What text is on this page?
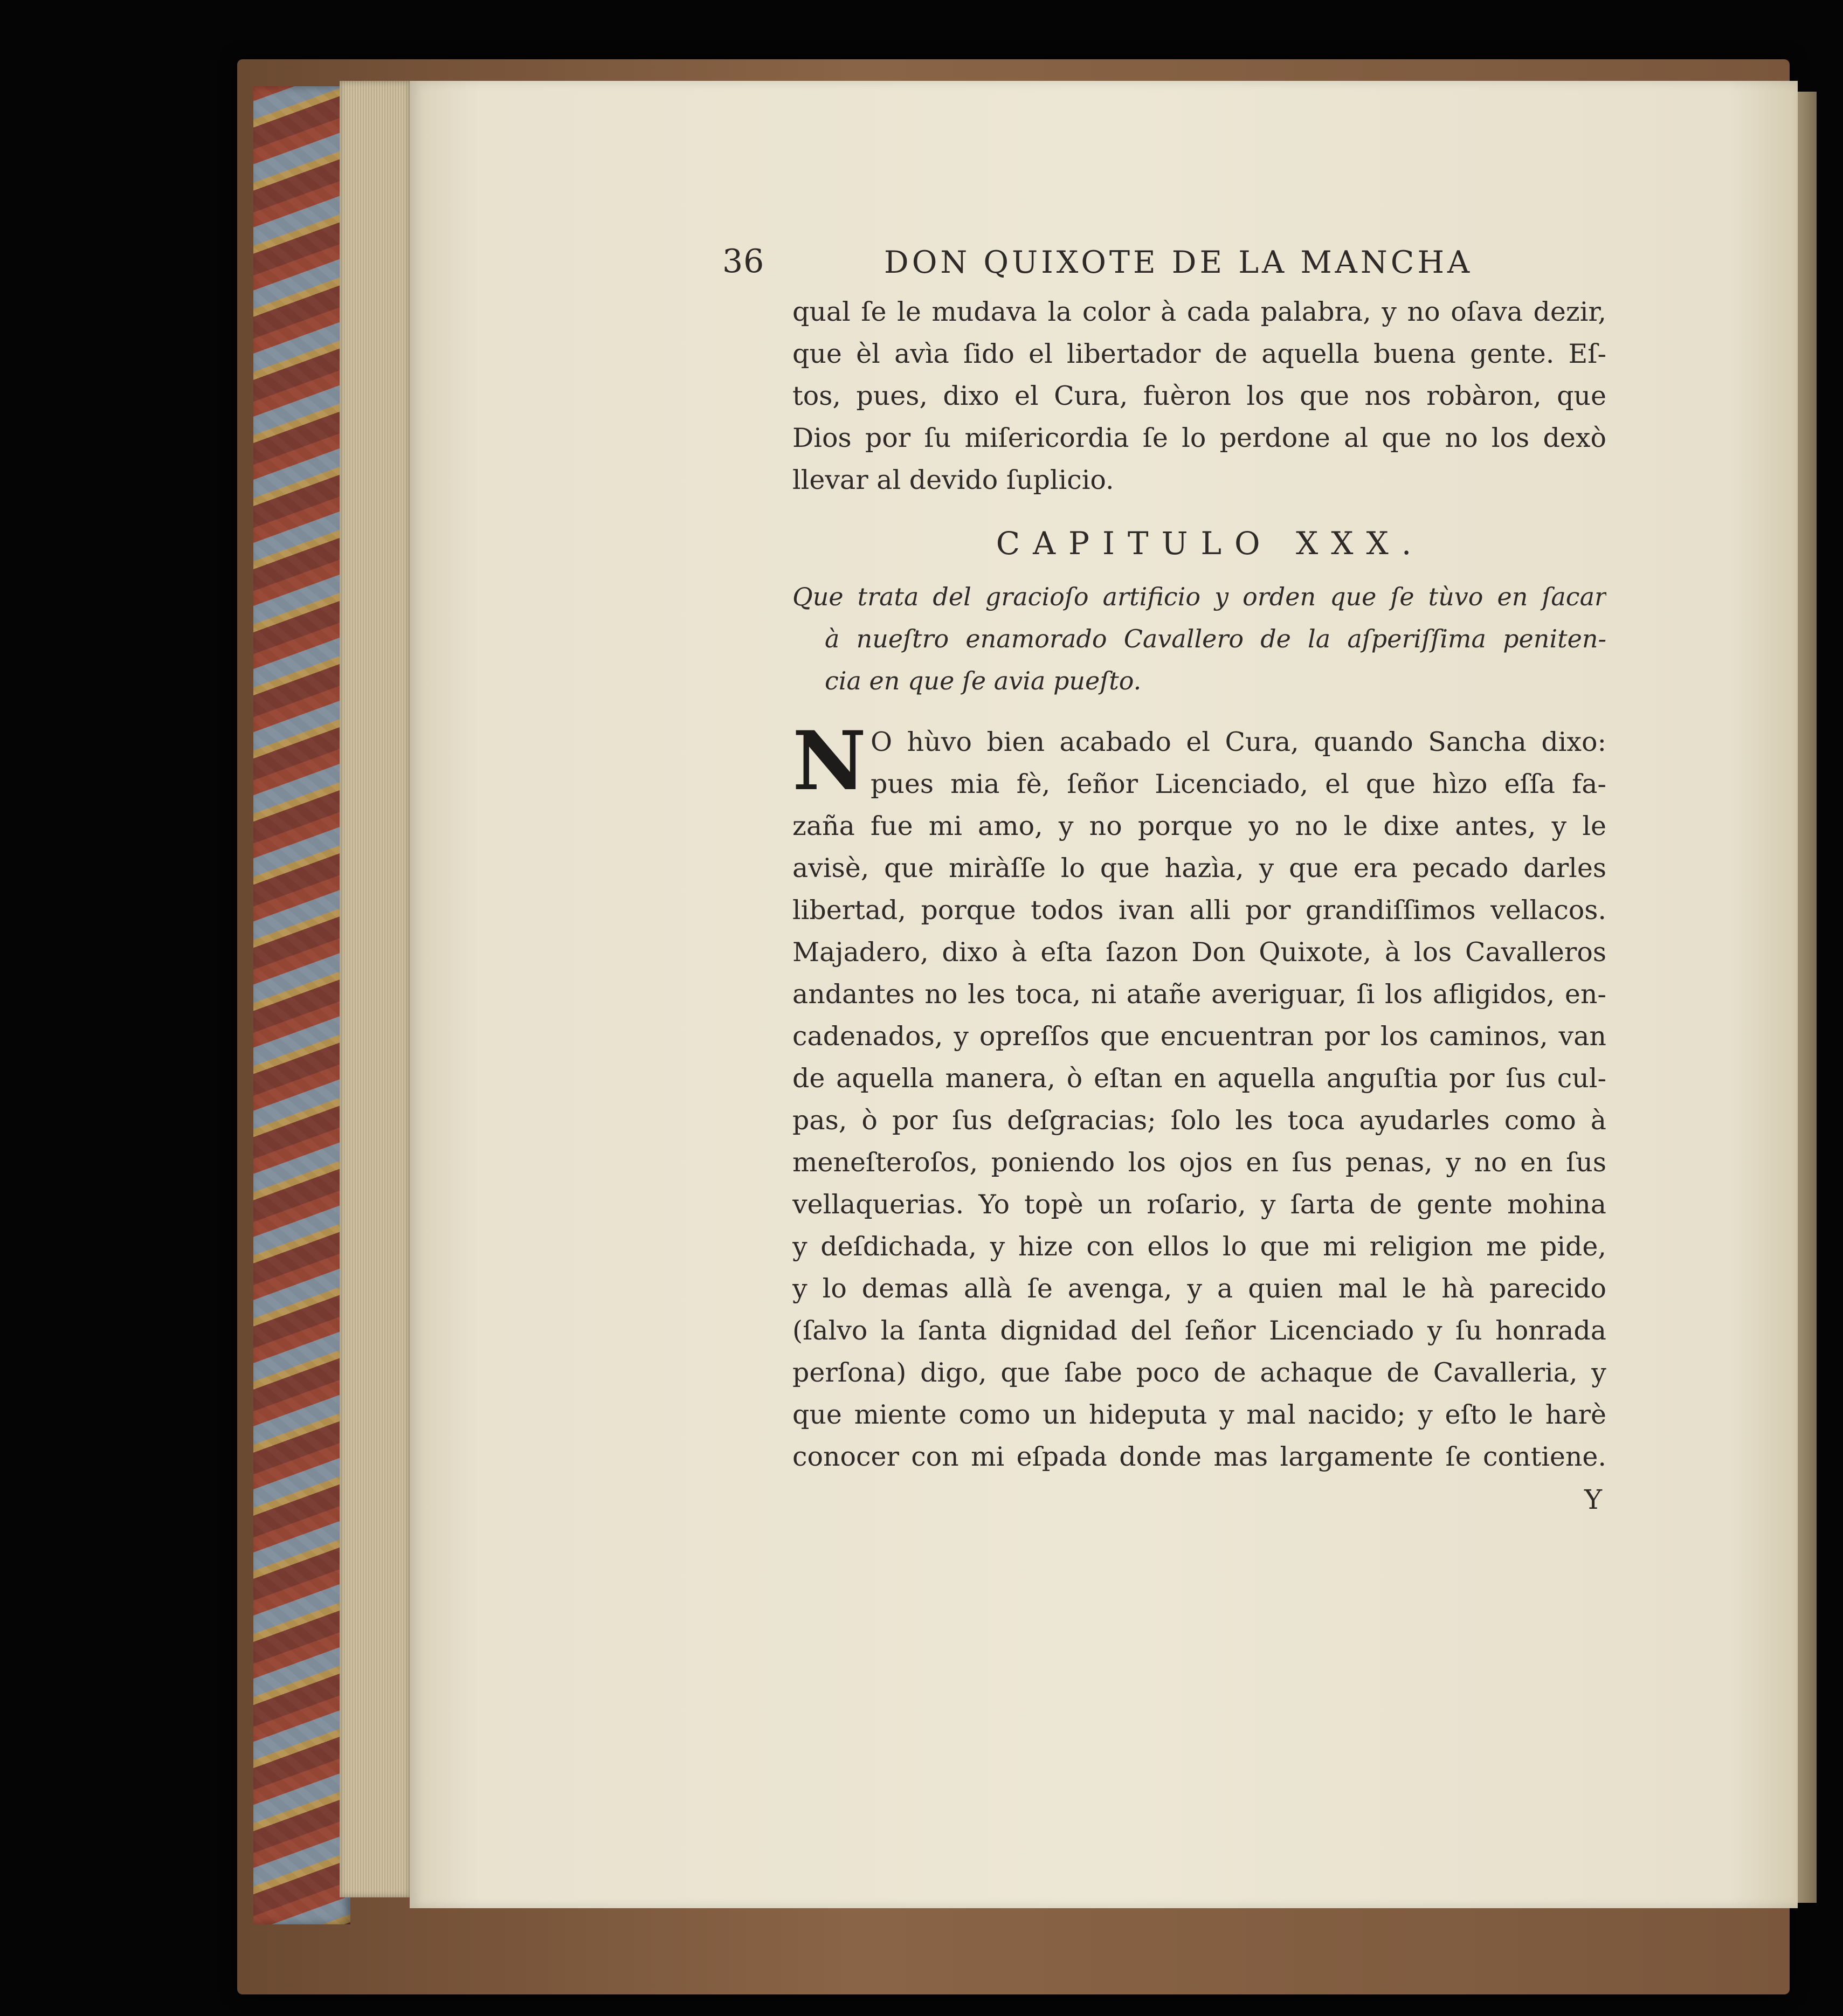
36	DON QUIXOTE DE LA MANCHA
qual ſe le mudava la color à cada palabra, y no oſava dezir,
que èl avìa ſido el libertador de aquella buena gente. Eſ-
tos, pues, dixo el Cura, fuèron los que nos robàron, que
Dios por ſu miſericordia ſe lo perdone al que no los dexò
llevar al devido ſuplicio.
CAPITULO XXX.
Que trata del gracioſo artificio y orden que ſe tùvo en ſacar
à nueſtro enamorado Cavallero de la aſperiſſima peniten-
cia en que ſe avia pueſto.
N O hùvo bien acabado el Cura, quando Sancha dixo:
pues mia fè, ſeñor Licenciado, el que hìzo eſſa fa-
zaña fue mi amo, y no porque yo no le dixe antes, y le
avisè, que miràſſe lo que hazìa, y que era pecado darles
libertad, porque todos ivan alli por grandiſſimos vellacos.
Majadero, dixo à eſta ſazon Don Quixote, à los Cavalleros
andantes no les toca, ni atañe averiguar, ſi los afligidos, en-
cadenados, y opreſſos que encuentran por los caminos, van
de aquella manera, ò eſtan en aquella anguſtia por ſus cul-
pas, ò por ſus deſgracias; ſolo les toca ayudarles como à
meneſteroſos, poniendo los ojos en ſus penas, y no en ſus
vellaquerias. Yo topè un roſario, y ſarta de gente mohina
y deſdichada, y hize con ellos lo que mi religion me pide,
y lo demas allà ſe avenga, y a quien mal le hà parecido
(ſalvo la ſanta dignidad del ſeñor Licenciado y ſu honrada
perſona) digo, que ſabe poco de achaque de Cavalleria, y
que miente como un hideputa y mal nacido; y eſto le harè
conocer con mi eſpada donde mas largamente ſe contiene.
Y
